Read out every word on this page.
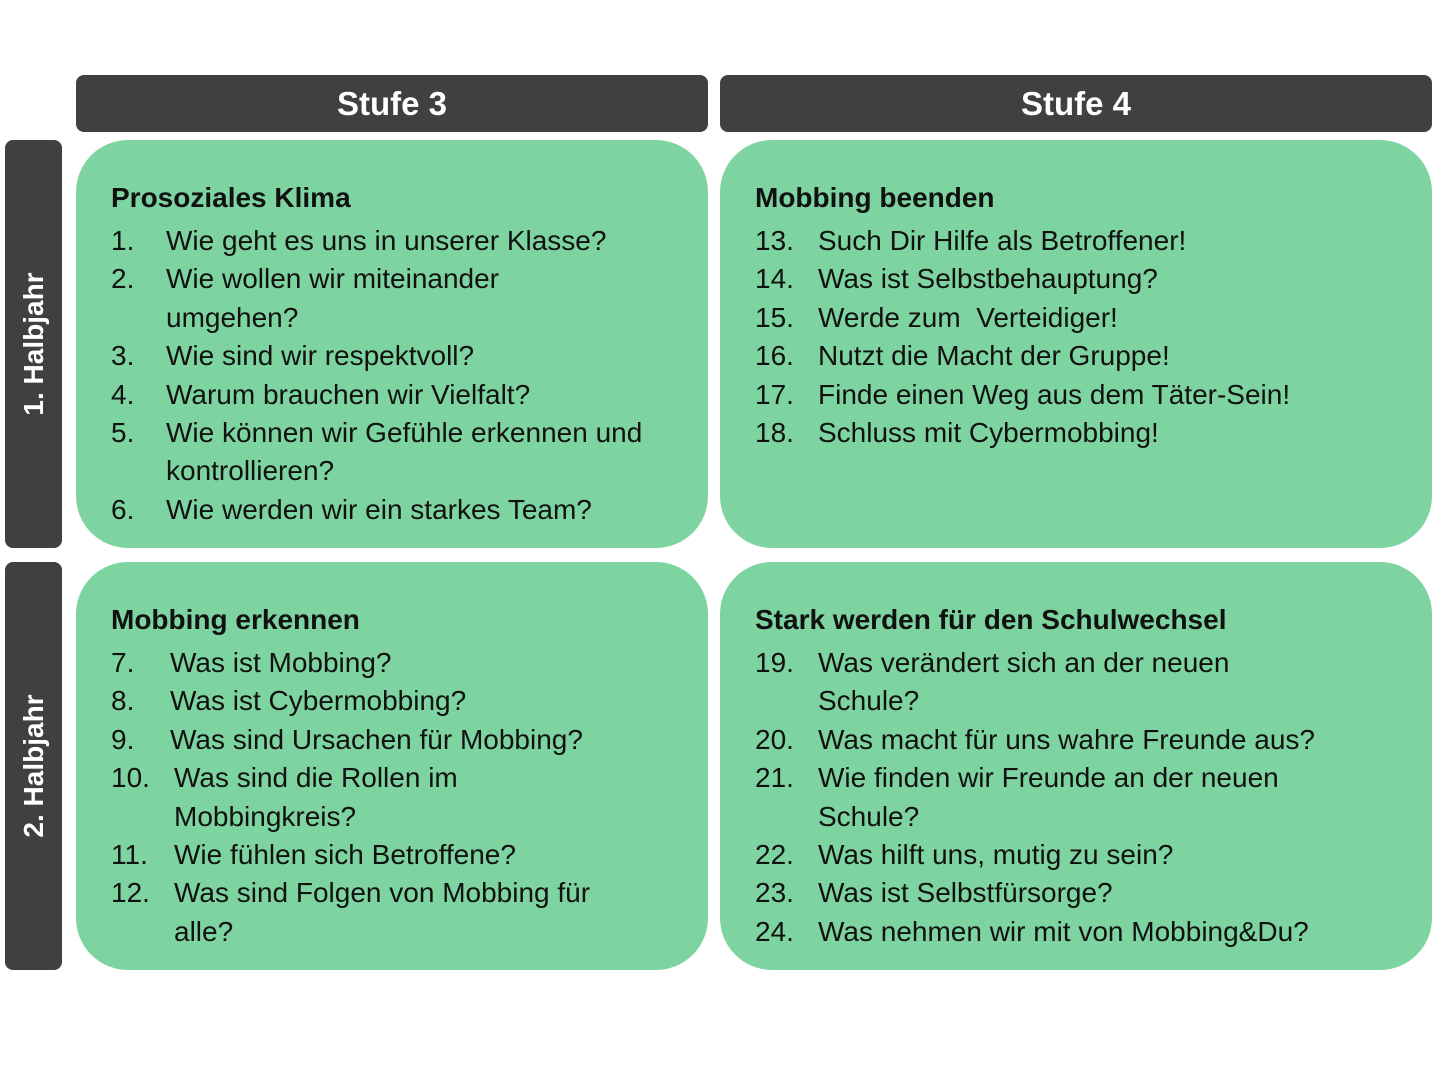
Stufe 3	Stufe 4
1. Halbjahr
2. Halbjahr
Prosoziales Klima
1.	Wie geht es uns in unserer Klasse?
2.	Wie wollen wir miteinander umgehen?
3.	Wie sind wir respektvoll?
4.	Warum brauchen wir Vielfalt?
5.	Wie können wir Gefühle erkennen und kontrollieren?
6.	Wie werden wir ein starkes Team?
Mobbing beenden
13. Such Dir Hilfe als Betroffener!
14. Was ist Selbstbehauptung?
15. Werde zum  Verteidiger!
16. Nutzt die Macht der Gruppe!
17. Finde einen Weg aus dem Täter-Sein!
18. Schluss mit Cybermobbing!
Mobbing erkennen
7.	Was ist Mobbing?
8.	Was ist Cybermobbing?
9.	Was sind Ursachen für Mobbing?
10. Was sind die Rollen im Mobbingkreis?
11. Wie fühlen sich Betroffene?
12. Was sind Folgen von Mobbing für alle?
Stark werden für den Schulwechsel
19. Was verändert sich an der neuen Schule?
20. Was macht für uns wahre Freunde aus?
21. Wie finden wir Freunde an der neuen Schule?
22. Was hilft uns, mutig zu sein?
23. Was ist Selbstfürsorge?
24. Was nehmen wir mit von Mobbing&Du?
